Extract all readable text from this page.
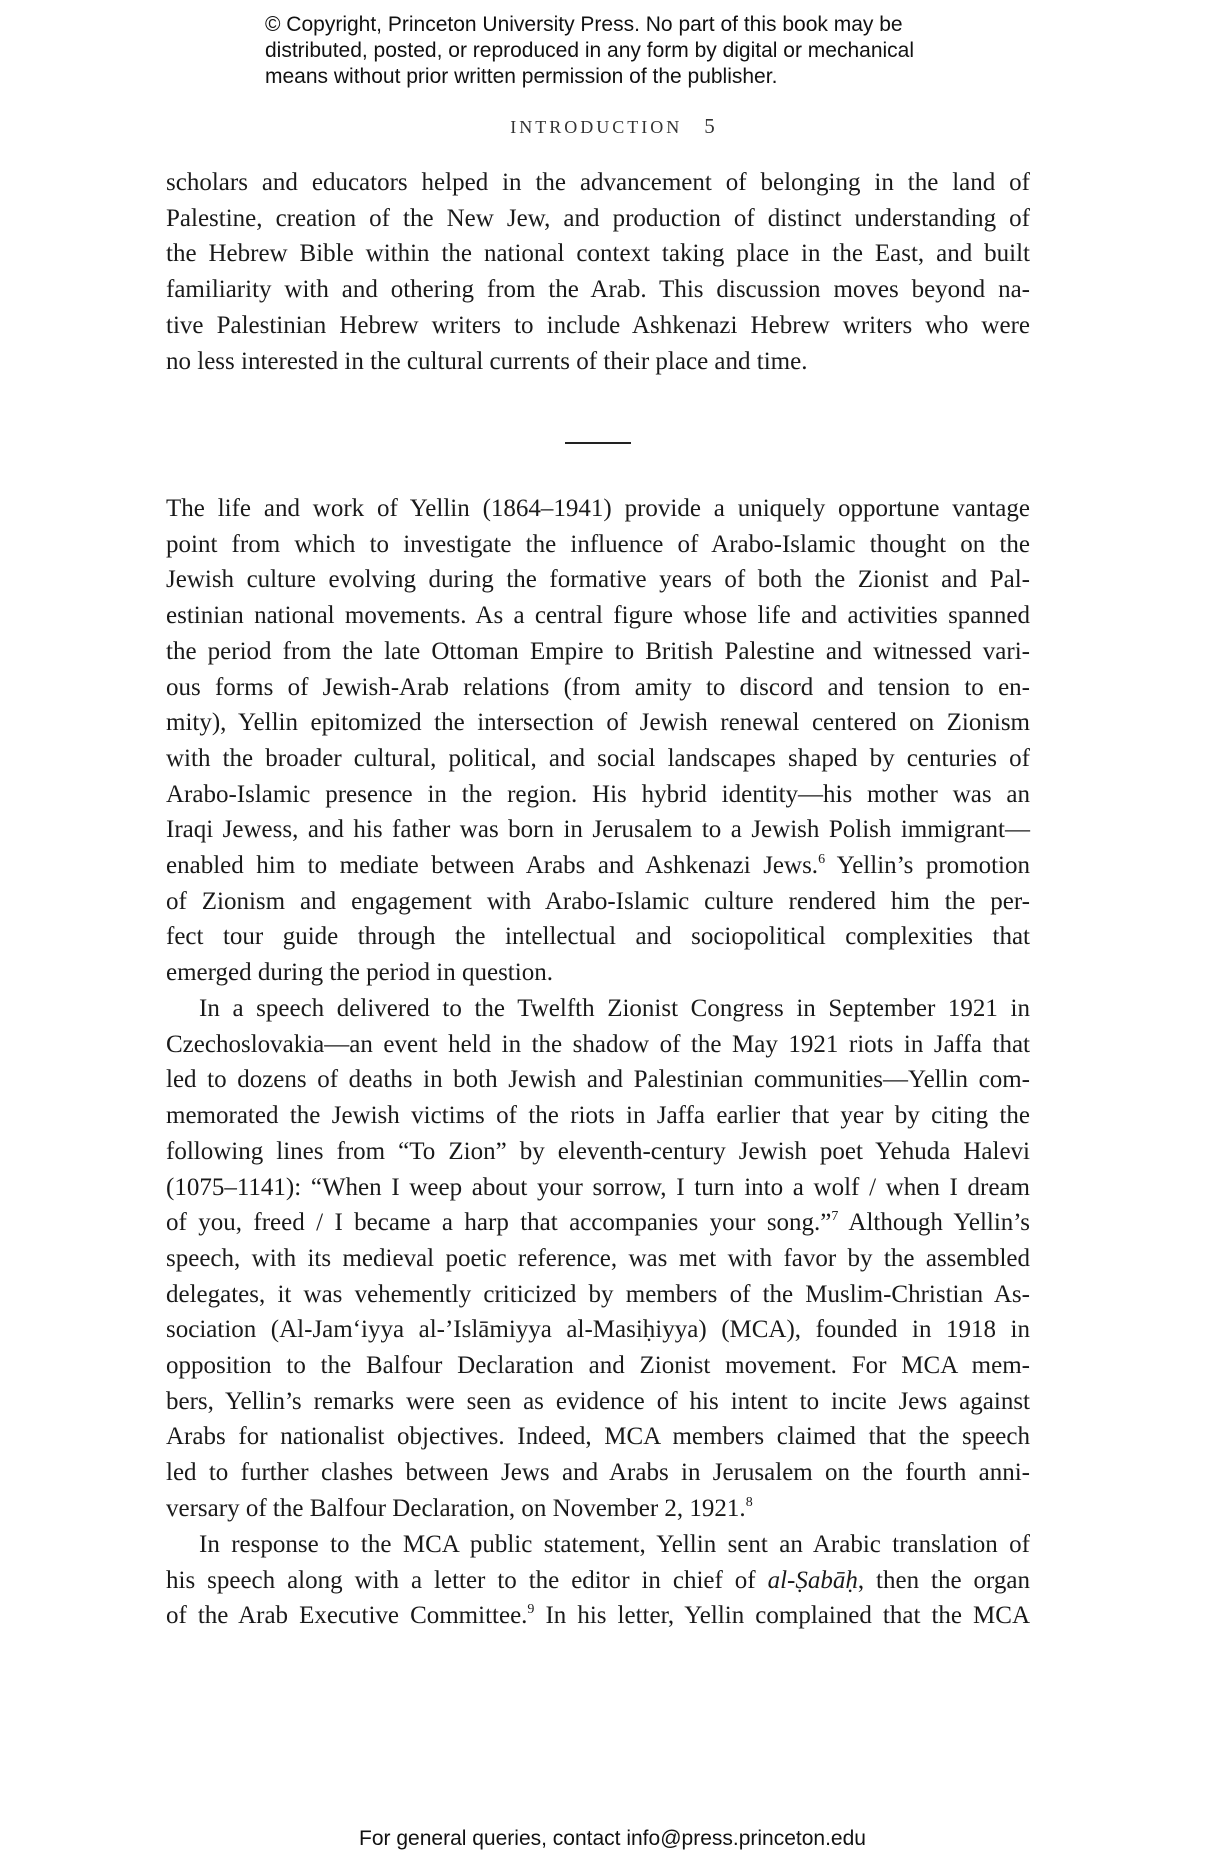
© Copyright, Princeton University Press. No part of this book may be
distributed, posted, or reproduced in any form by digital or mechanical
means without prior written permission of the publisher.
INTRODUCTION 5
scholars and educators helped in the advancement of belonging in the land of
Palestine, creation of the New Jew, and production of distinct understanding of
the Hebrew Bible within the national context taking place in the East, and built
familiarity with and othering from the Arab. This discussion moves beyond na-
tive Palestinian Hebrew writers to include Ashkenazi Hebrew writers who were
no less interested in the cultural currents of their place and time.
The life and work of Yellin (1864–1941) provide a uniquely opportune vantage
point from which to investigate the influence of Arabo-Islamic thought on the
Jewish culture evolving during the formative years of both the Zionist and Pal-
estinian national movements. As a central figure whose life and activities spanned
the period from the late Ottoman Empire to British Palestine and witnessed vari-
ous forms of Jewish-Arab relations (from amity to discord and tension to en-
mity), Yellin epitomized the intersection of Jewish renewal centered on Zionism
with the broader cultural, political, and social landscapes shaped by centuries of
Arabo-Islamic presence in the region. His hybrid identity—his mother was an
Iraqi Jewess, and his father was born in Jerusalem to a Jewish Polish immigrant—
enabled him to mediate between Arabs and Ashkenazi Jews.$^6$ Yellin’s promotion
of Zionism and engagement with Arabo-Islamic culture rendered him the per-
fect tour guide through the intellectual and sociopolitical complexities that
emerged during the period in question.
In a speech delivered to the Twelfth Zionist Congress in September 1921 in
Czechoslovakia—an event held in the shadow of the May 1921 riots in Jaffa that
led to dozens of deaths in both Jewish and Palestinian communities—Yellin com-
memorated the Jewish victims of the riots in Jaffa earlier that year by citing the
following lines from “To Zion” by eleventh-century Jewish poet Yehuda Halevi
(1075–1141): “When I weep about your sorrow, I turn into a wolf / when I dream
of you, freed / I became a harp that accompanies your song.”$^7$ Although Yellin’s
speech, with its medieval poetic reference, was met with favor by the assembled
delegates, it was vehemently criticized by members of the Muslim-Christian As-
sociation (Al-Jam‘iyya al-’Islāmiyya al-Masiḥiyya) (MCA), founded in 1918 in
opposition to the Balfour Declaration and Zionist movement. For MCA mem-
bers, Yellin’s remarks were seen as evidence of his intent to incite Jews against
Arabs for nationalist objectives. Indeed, MCA members claimed that the speech
led to further clashes between Jews and Arabs in Jerusalem on the fourth anni-
versary of the Balfour Declaration, on November 2, 1921.$^8$
In response to the MCA public statement, Yellin sent an Arabic translation of
his speech along with a letter to the editor in chief of al-Ṣabāḥ, then the organ
of the Arab Executive Committee.$^9$ In his letter, Yellin complained that the MCA
For general queries, contact info@press.princeton.edu
